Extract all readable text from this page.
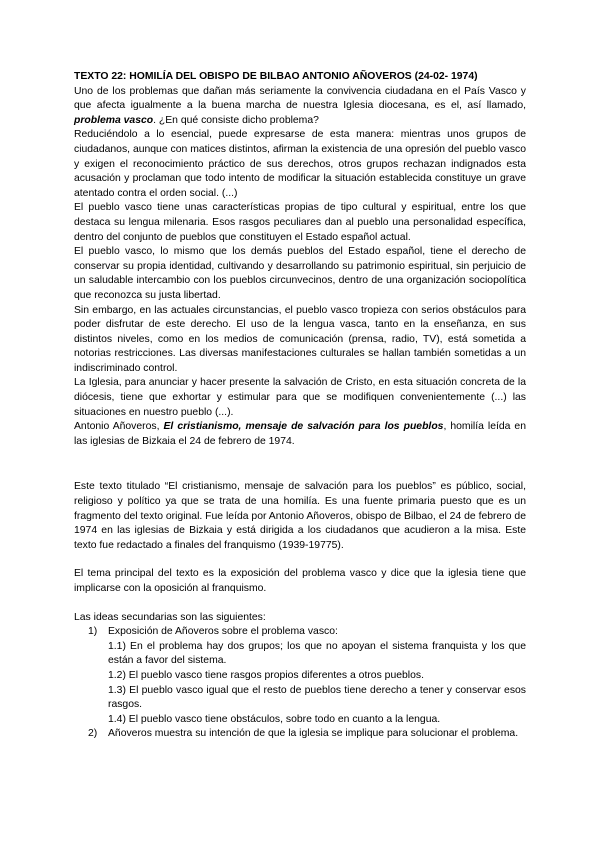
TEXTO 22: HOMILÍA DEL OBISPO DE BILBAO ANTONIO AÑOVEROS (24-02- 1974)

Uno de los problemas que dañan más seriamente la convivencia ciudadana en el País Vasco y que afecta igualmente a la buena marcha de nuestra Iglesia diocesana, es el, así llamado, problema vasco. ¿En qué consiste dicho problema?

Reduciéndolo a lo esencial, puede expresarse de esta manera: mientras unos grupos de ciudadanos, aunque con matices distintos, afirman la existencia de una opresión del pueblo vasco y exigen el reconocimiento práctico de sus derechos, otros grupos rechazan indignados esta acusación y proclaman que todo intento de modificar la situación establecida constituye un grave atentado contra el orden social. (...)

El pueblo vasco tiene unas características propias de tipo cultural y espiritual, entre los que destaca su lengua milenaria. Esos rasgos peculiares dan al pueblo una personalidad específica, dentro del conjunto de pueblos que constituyen el Estado español actual.

El pueblo vasco, lo mismo que los demás pueblos del Estado español, tiene el derecho de conservar su propia identidad, cultivando y desarrollando su patrimonio espiritual, sin perjuicio de un saludable intercambio con los pueblos circunvecinos, dentro de una organización sociopolítica que reconozca su justa libertad.

Sin embargo, en las actuales circunstancias, el pueblo vasco tropieza con serios obstáculos para poder disfrutar de este derecho. El uso de la lengua vasca, tanto en la enseñanza, en sus distintos niveles, como en los medios de comunicación (prensa, radio, TV), está sometida a notorias restricciones. Las diversas manifestaciones culturales se hallan también sometidas a un indiscriminado control.

La Iglesia, para anunciar y hacer presente la salvación de Cristo, en esta situación concreta de la diócesis, tiene que exhortar y estimular para que se modifiquen convenientemente (...) las situaciones en nuestro pueblo (...).

Antonio Añoveros, El cristianismo, mensaje de salvación para los pueblos, homilía leída en las iglesias de Bizkaia el 24 de febrero de 1974.

Este texto titulado “El cristianismo, mensaje de salvación para los pueblos” es público, social, religioso y político ya que se trata de una homilía. Es una fuente primaria puesto que es un fragmento del texto original. Fue leída por Antonio Añoveros, obispo de Bilbao, el 24 de febrero de 1974 en las iglesias de Bizkaia y está dirigida a los ciudadanos que acudieron a la misa. Este texto fue redactado a finales del franquismo (1939-19775).

El tema principal del texto es la exposición del problema vasco y dice que la iglesia tiene que implicarse con la oposición al franquismo.

Las ideas secundarias son las siguientes:

1) Exposición de Añoveros sobre el problema vasco:
1.1) En el problema hay dos grupos; los que no apoyan el sistema franquista y los que están a favor del sistema.
1.2) El pueblo vasco tiene rasgos propios diferentes a otros pueblos.
1.3) El pueblo vasco igual que el resto de pueblos tiene derecho a tener y conservar esos rasgos.
1.4) El pueblo vasco tiene obstáculos, sobre todo en cuanto a la lengua.
2) Añoveros muestra su intención de que la iglesia se implique para solucionar el problema.
